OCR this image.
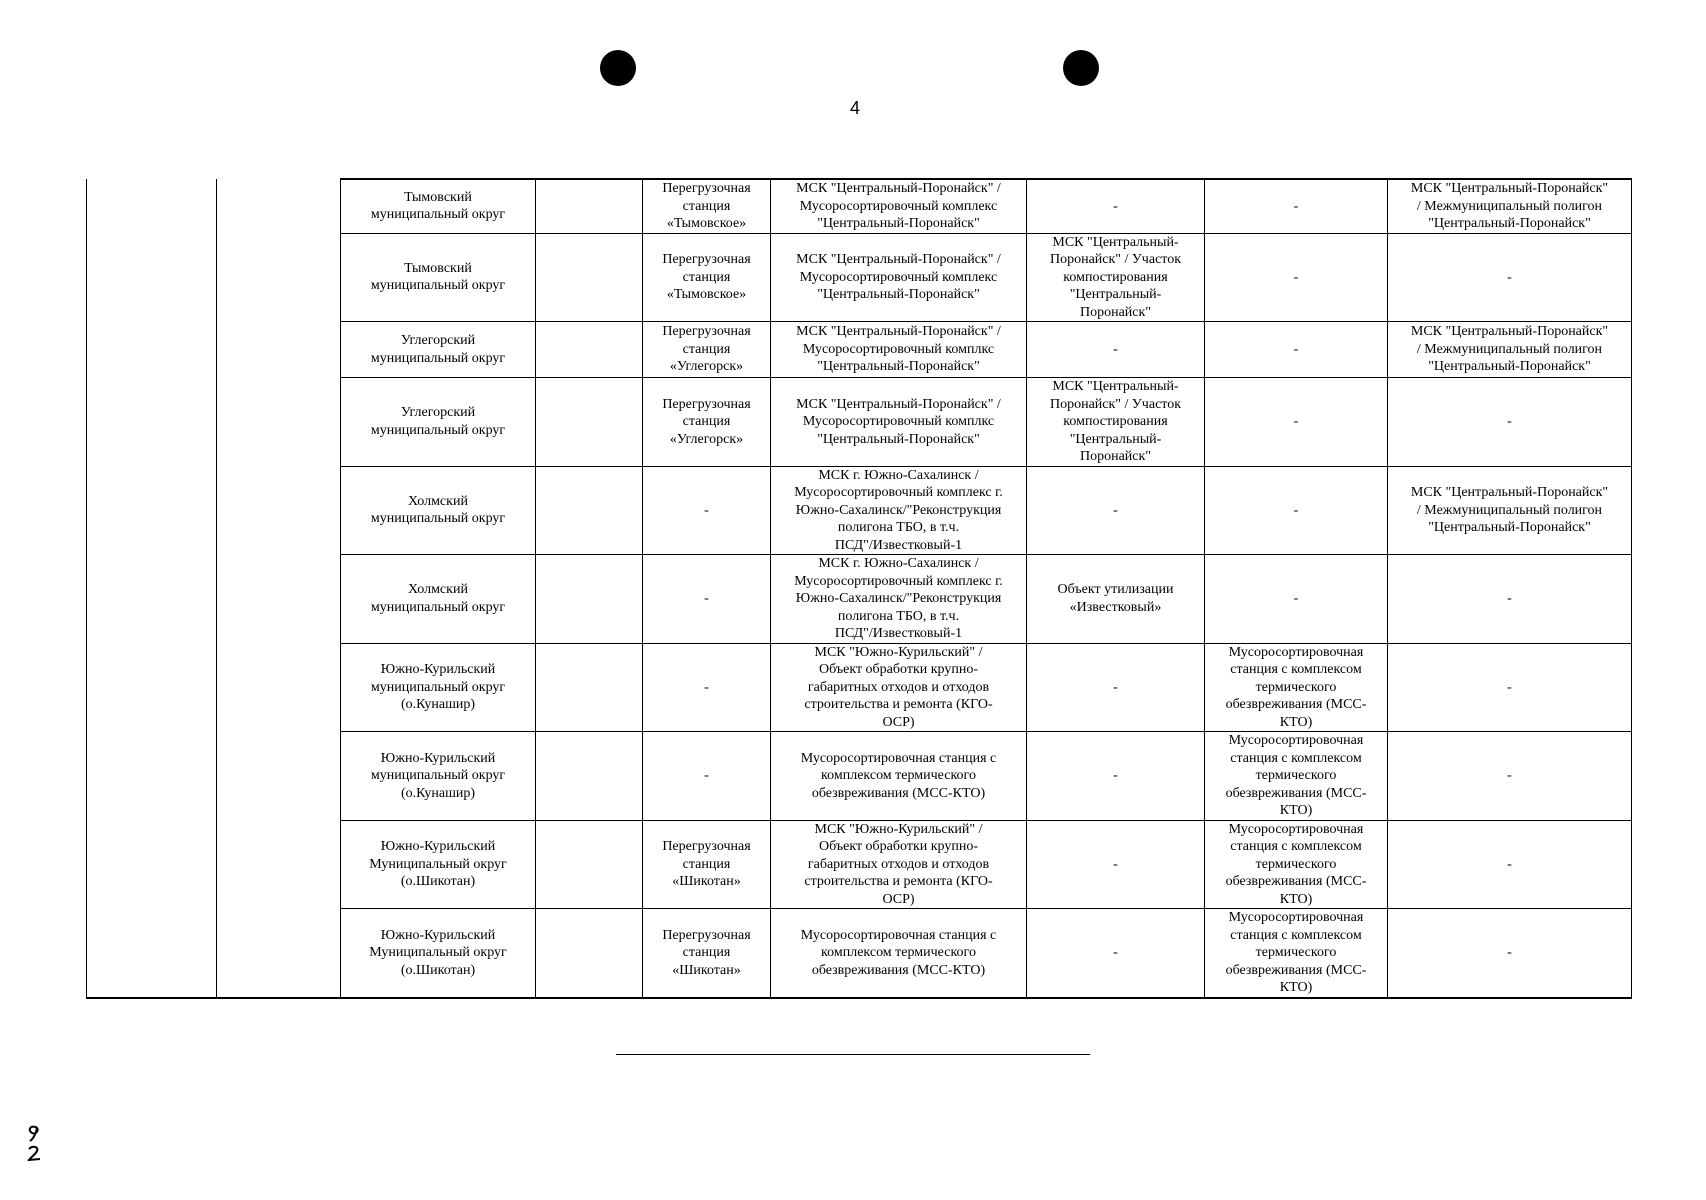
4

		Тымовский
муниципальный округ		Перегрузочная
станция
«Тымовское»	МСК "Центральный-Поронайск" /
Мусоросортировочный комплекс
"Центральный-Поронайск"	-	-	МСК "Центральный-Поронайск"
/ Межмуниципальный полигон
"Центральный-Поронайск"

		Тымовский
муниципальный округ		Перегрузочная
станция
«Тымовское»	МСК "Центральный-Поронайск" /
Мусоросортировочный комплекс
"Центральный-Поронайск"	МСК "Центральный-
Поронайск" / Участок
компостирования
"Центральный-
Поронайск"	-	-

		Углегорский
муниципальный округ		Перегрузочная
станция
«Углегорск»	МСК "Центральный-Поронайск" /
Мусоросортировочный комплкс
"Центральный-Поронайск"	-	-	МСК "Центральный-Поронайск"
/ Межмуниципальный полигон
"Центральный-Поронайск"

		Углегорский
муниципальный округ		Перегрузочная
станция
«Углегорск»	МСК "Центральный-Поронайск" /
Мусоросортировочный комплкс
"Центральный-Поронайск"	МСК "Центральный-
Поронайск" / Участок
компостирования
"Центральный-
Поронайск"	-	-

		Холмский
муниципальный округ		-	МСК г. Южно-Сахалинск /
Мусоросортировочный комплекс г.
Южно-Сахалинск/"Реконструкция
полигона ТБО, в т.ч.
ПСД"/Известковый-1	-	-	МСК "Центральный-Поронайск"
/ Межмуниципальный полигон
"Центральный-Поронайск"

		Холмский
муниципальный округ		-	МСК г. Южно-Сахалинск /
Мусоросортировочный комплекс г.
Южно-Сахалинск/"Реконструкция
полигона ТБО, в т.ч.
ПСД"/Известковый-1	Объект утилизации
«Известковый»	-	-

		Южно-Курильский
муниципальный округ
(о.Кунашир)		-	МСК "Южно-Курильский" /
Объект обработки крупно-
габаритных отходов и отходов
строительства и ремонта (КГО-
ОСР)	-	Мусоросортировочная
станция с комплексом
термического
обезвреживания (МСС-
КТО)	-

		Южно-Курильский
муниципальный округ
(о.Кунашир)		-	Мусоросортировочная станция с
комплексом термического
обезвреживания (МСС-КТО)	-	Мусоросортировочная
станция с комплексом
термического
обезвреживания (МСС-
КТО)	-

		Южно-Курильский
Муниципальный округ
(о.Шикотан)		Перегрузочная
станция
«Шикотан»	МСК "Южно-Курильский" /
Объект обработки крупно-
габаритных отходов и отходов
строительства и ремонта (КГО-
ОСР)	-	Мусоросортировочная
станция с комплексом
термического
обезвреживания (МСС-
КТО)	-

		Южно-Курильский
Муниципальный округ
(о.Шикотан)		Перегрузочная
станция
«Шикотан»	Мусоросортировочная станция с
комплексом термического
обезвреживания (МСС-КТО)	-	Мусоросортировочная
станция с комплексом
термического
обезвреживания (МСС-
КТО)	-
